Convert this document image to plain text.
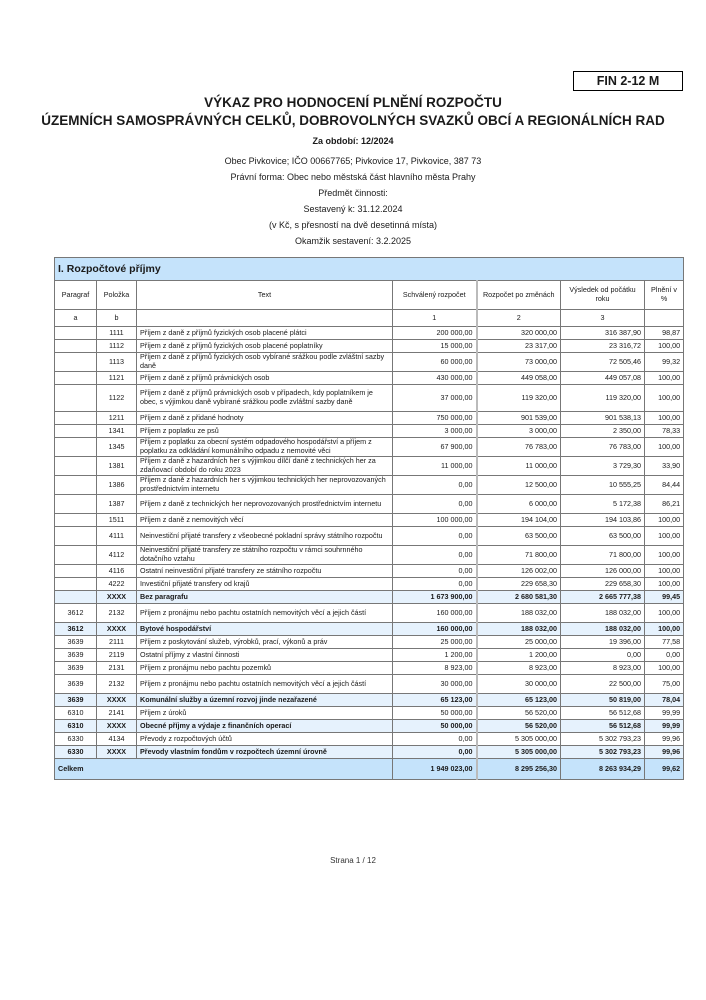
FIN 2-12 M
VÝKAZ PRO HODNOCENÍ PLNĚNÍ ROZPOČTU
ÚZEMNÍCH SAMOSPRÁVNÝCH CELKŮ, DOBROVOLNÝCH SVAZKŮ OBCÍ A REGIONÁLNÍCH RAD
Za období: 12/2024
Obec Pivkovice; IČO 00667765; Pivkovice 17, Pivkovice, 387 73
Právní forma: Obec nebo městská část hlavního města Prahy
Předmět činnosti:
Sestavený k: 31.12.2024
(v Kč, s přesností na dvě desetinná místa)
Okamžik sestavení: 3.2.2025
I. Rozpočtové příjmy						
Paragraf	Položka	Text	Schválený rozpočet	Rozpočet po změnách	Výsledek od počátku roku	Plnění v %
a	b		1	2	3	
	1111	Příjem z daně z příjmů fyzických osob placené plátci	200 000,00	320 000,00	316 387,90	98,87
	1112	Příjem z daně z příjmů fyzických osob placené poplatníky	15 000,00	23 317,00	23 316,72	100,00
	1113	Příjem z daně z příjmů fyzických osob vybírané srážkou podle zvláštní sazby daně	60 000,00	73 000,00	72 505,46	99,32
	1121	Příjem z daně z příjmů právnických osob	430 000,00	449 058,00	449 057,08	100,00
	1122	Příjem z daně z příjmů právnických osob v případech, kdy poplatníkem je obec, s výjimkou daně vybírané srážkou podle zvláštní sazby daně	37 000,00	119 320,00	119 320,00	100,00
	1211	Příjem z daně z přidané hodnoty	750 000,00	901 539,00	901 538,13	100,00
	1341	Příjem z poplatku ze psů	3 000,00	3 000,00	2 350,00	78,33
	1345	Příjem z poplatku za obecní systém odpadového hospodářství a příjem z poplatku za odkládání komunálního odpadu z nemovité věci	67 900,00	76 783,00	76 783,00	100,00
	1381	Příjem z daně z hazardních her s výjimkou dílčí daně z technických her za zdaňovací období do roku 2023	11 000,00	11 000,00	3 729,30	33,90
	1386	Příjem z daně z hazardních her s výjimkou technických her neprovozovaných prostřednictvím internetu	0,00	12 500,00	10 555,25	84,44
	1387	Příjem z daně z technických her neprovozovaných prostřednictvím internetu	0,00	6 000,00	5 172,38	86,21
	1511	Příjem z daně z nemovitých věcí	100 000,00	194 104,00	194 103,86	100,00
	4111	Neinvestiční přijaté transfery z všeobecné pokladní správy státního rozpočtu	0,00	63 500,00	63 500,00	100,00
	4112	Neinvestiční přijaté transfery ze státního rozpočtu v rámci souhrnného dotačního vztahu	0,00	71 800,00	71 800,00	100,00
	4116	Ostatní neinvestiční přijaté transfery ze státního rozpočtu	0,00	126 002,00	126 000,00	100,00
	4222	Investiční přijaté transfery od krajů	0,00	229 658,30	229 658,30	100,00
	XXXX	Bez paragrafu	1 673 900,00	2 680 581,30	2 665 777,38	99,45
3612	2132	Příjem z pronájmu nebo pachtu ostatních nemovitých věcí a jejich částí	160 000,00	188 032,00	188 032,00	100,00
3612	XXXX	Bytové hospodářství	160 000,00	188 032,00	188 032,00	100,00
3639	2111	Příjem z poskytování služeb, výrobků, prací, výkonů a práv	25 000,00	25 000,00	19 396,00	77,58
3639	2119	Ostatní příjmy z vlastní činnosti	1 200,00	1 200,00	0,00	0,00
3639	2131	Příjem z pronájmu nebo pachtu pozemků	8 923,00	8 923,00	8 923,00	100,00
3639	2132	Příjem z pronájmu nebo pachtu ostatních nemovitých věcí a jejich částí	30 000,00	30 000,00	22 500,00	75,00
3639	XXXX	Komunální služby a územní rozvoj jinde nezařazené	65 123,00	65 123,00	50 819,00	78,04
6310	2141	Příjem z úroků	50 000,00	56 520,00	56 512,68	99,99
6310	XXXX	Obecné příjmy a výdaje z finančních operací	50 000,00	56 520,00	56 512,68	99,99
6330	4134	Převody z rozpočtových účtů	0,00	5 305 000,00	5 302 793,23	99,96
6330	XXXX	Převody vlastním fondům v rozpočtech územní úrovně	0,00	5 305 000,00	5 302 793,23	99,96
Celkem			1 949 023,00	8 295 256,30	8 263 934,29	99,62
Strana 1 / 12
